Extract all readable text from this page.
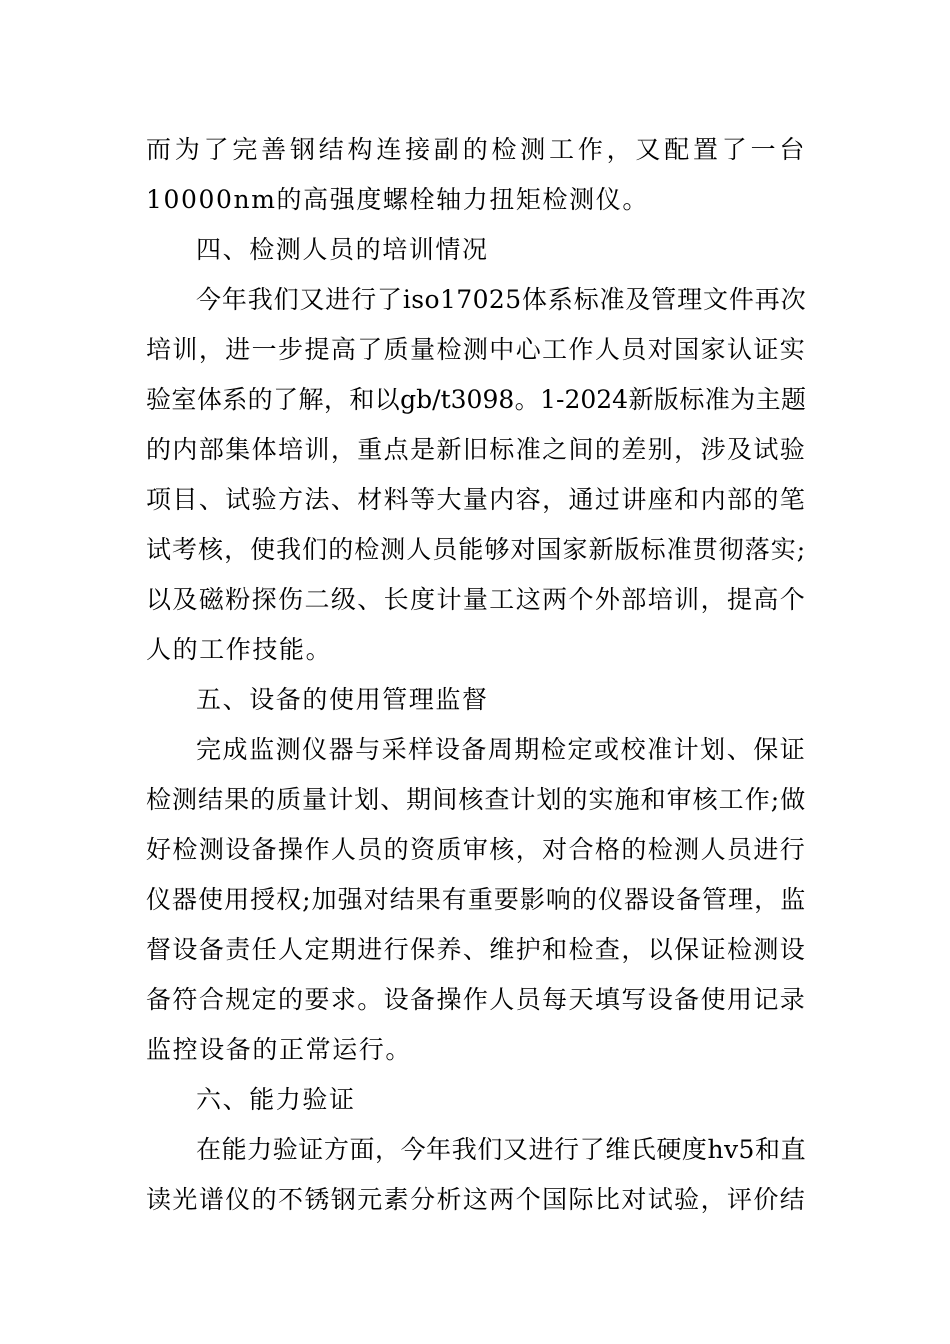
而为了完善钢结构连接副的检测工作，又配置了一台
10000nm的高强度螺栓轴力扭矩检测仪。
四、检测人员的培训情况
今年我们又进行了iso17025体系标准及管理文件再次
培训，进一步提高了质量检测中心工作人员对国家认证实
验室体系的了解，和以gb/t3098。1-2024新版标准为主题
的内部集体培训，重点是新旧标准之间的差别，涉及试验
项目、试验方法、材料等大量内容，通过讲座和内部的笔
试考核，使我们的检测人员能够对国家新版标准贯彻落实;
以及磁粉探伤二级、长度计量工这两个外部培训，提高个
人的工作技能。
五、设备的使用管理监督
完成监测仪器与采样设备周期检定或校准计划、保证
检测结果的质量计划、期间核查计划的实施和审核工作;做
好检测设备操作人员的资质审核，对合格的检测人员进行
仪器使用授权;加强对结果有重要影响的仪器设备管理，监
督设备责任人定期进行保养、维护和检查，以保证检测设
备符合规定的要求。设备操作人员每天填写设备使用记录
监控设备的正常运行。
六、能力验证
在能力验证方面，今年我们又进行了维氏硬度hv5和直
读光谱仪的不锈钢元素分析这两个国际比对试验，评价结
